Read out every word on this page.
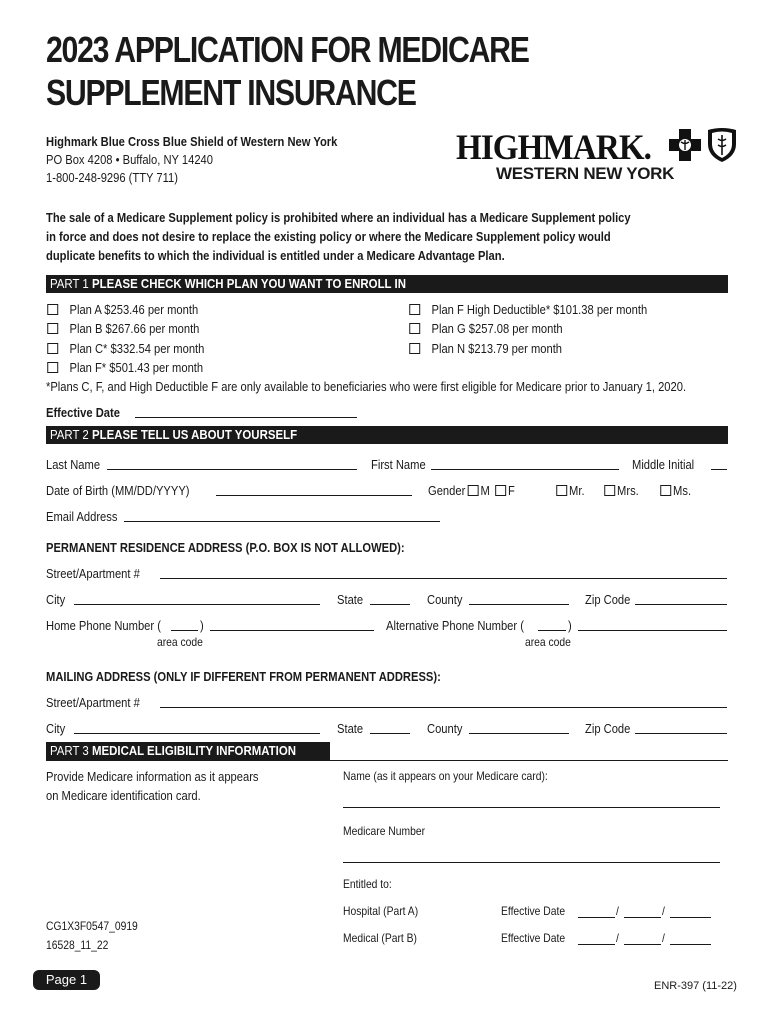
2023 APPLICATION FOR MEDICARE
SUPPLEMENT INSURANCE
Highmark Blue Cross Blue Shield of Western New York
PO Box 4208 • Buffalo, NY 14240
1-800-248-9296 (TTY 711)
HIGHMARK.
WESTERN NEW YORK
The sale of a Medicare Supplement policy is prohibited where an individual has a Medicare Supplement policy
in force and does not desire to replace the existing policy or where the Medicare Supplement policy would
duplicate benefits to which the individual is entitled under a Medicare Advantage Plan.
PART 1 PLEASE CHECK WHICH PLAN YOU WANT TO ENROLL IN
Plan A $253.46 per month
Plan B $267.66 per month
Plan C* $332.54 per month
Plan F* $501.43 per month
Plan F High Deductible* $101.38 per month
Plan G $257.08 per month
Plan N $213.79 per month
*Plans C, F, and High Deductible F are only available to beneficiaries who were first eligible for Medicare prior to January 1, 2020.
Effective Date
PART 2 PLEASE TELL US ABOUT YOURSELF
Last Name	First Name	Middle Initial
Date of Birth (MM/DD/YYYY)	Gender M F	Mr.	Mrs.	Ms.
Email Address
PERMANENT RESIDENCE ADDRESS (P.O. BOX IS NOT ALLOWED):
Street/Apartment #
City	State	County	Zip Code
Home Phone Number (	)
area code
Alternative Phone Number (	)
area code
MAILING ADDRESS (ONLY IF DIFFERENT FROM PERMANENT ADDRESS):
Street/Apartment #
City	State	County	Zip Code
PART 3 MEDICAL ELIGIBILITY INFORMATION
Provide Medicare information as it appears
on Medicare identification card.
Name (as it appears on your Medicare card):
Medicare Number
Entitled to:
Hospital (Part A)	Effective Date	/	/
Medical (Part B)	Effective Date	/	/
CG1X3F0547_0919
16528_11_22
Page 1	ENR-397 (11-22)
